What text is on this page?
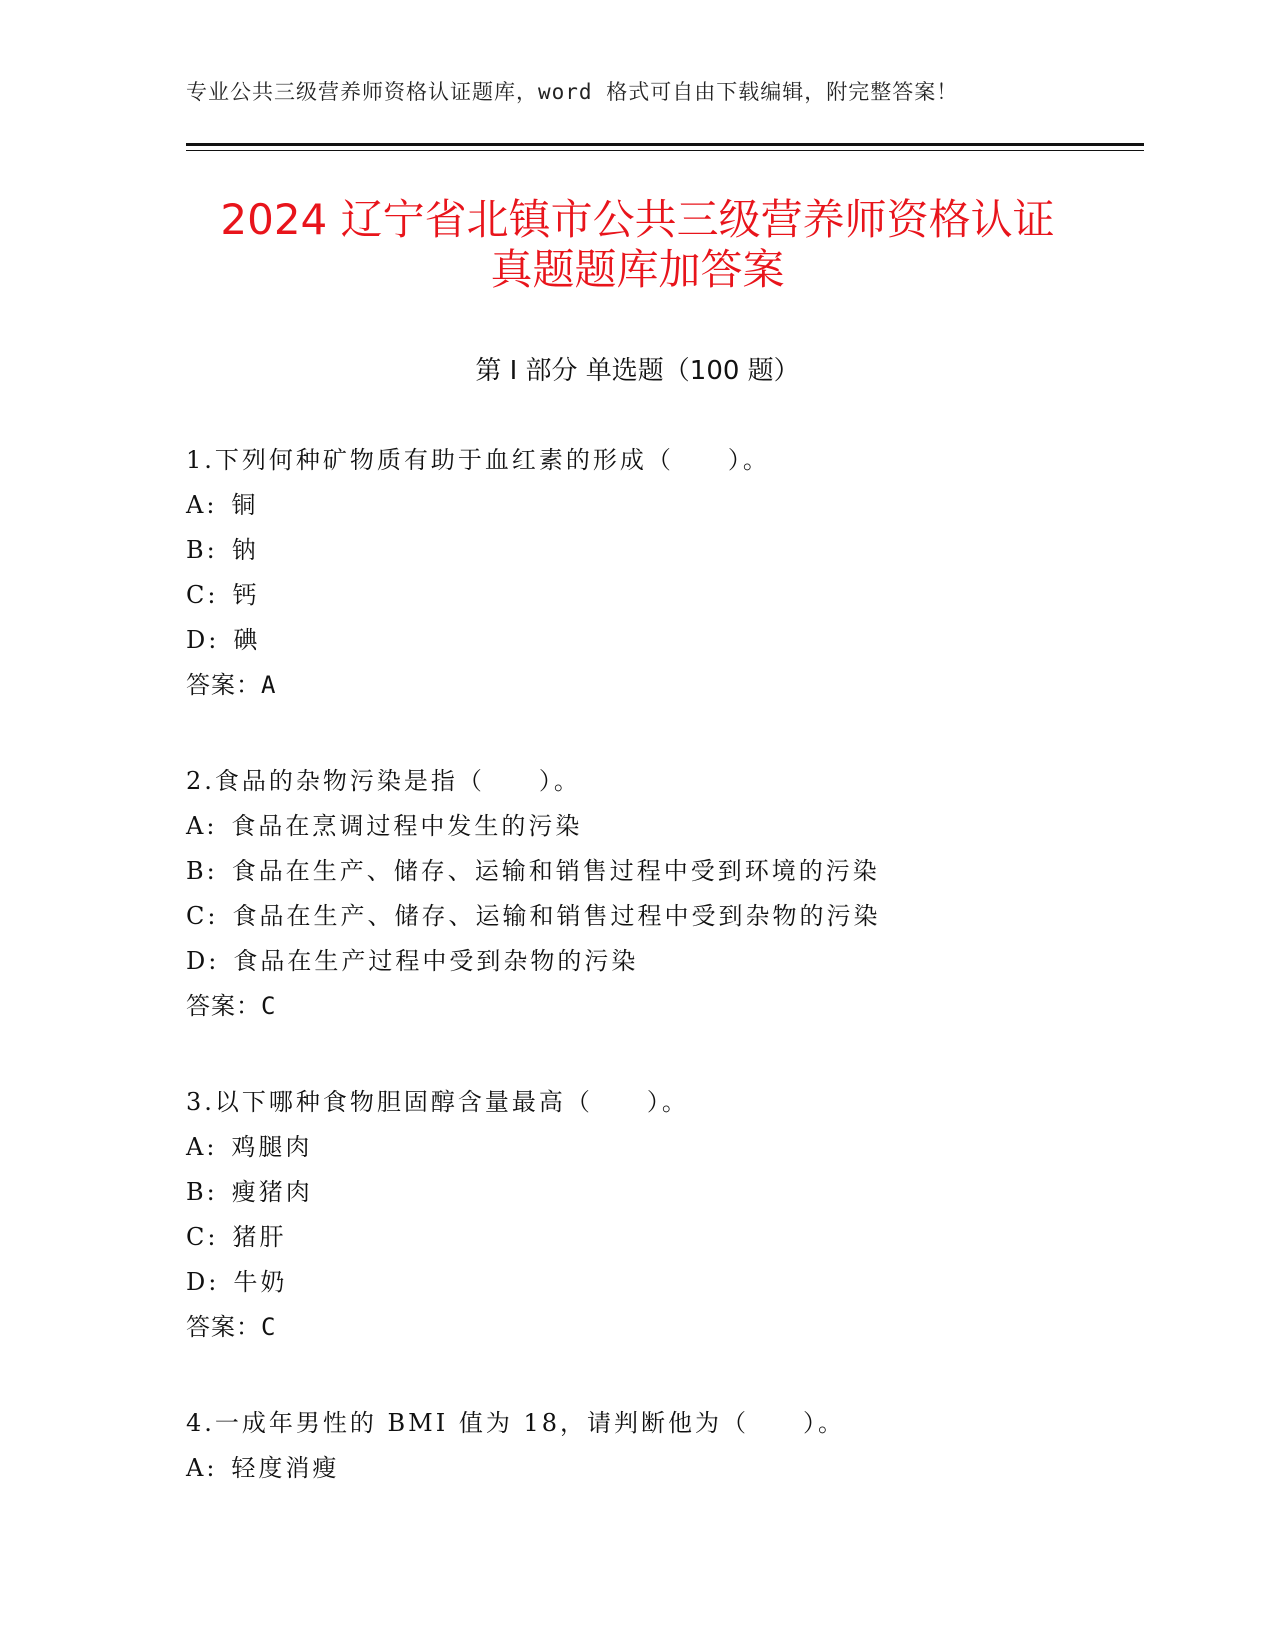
专业公共三级营养师资格认证题库，word 格式可自由下载编辑，附完整答案！
2024 辽宁省北镇市公共三级营养师资格认证
真题题库加答案
第 I 部分 单选题（100 题）
1.下列何种矿物质有助于血红素的形成（　　）。
A: 铜
B: 钠
C: 钙
D: 碘
答案：A
2.食品的杂物污染是指（　　）。
A: 食品在烹调过程中发生的污染
B: 食品在生产、储存、运输和销售过程中受到环境的污染
C: 食品在生产、储存、运输和销售过程中受到杂物的污染
D: 食品在生产过程中受到杂物的污染
答案：C
3.以下哪种食物胆固醇含量最高（　　）。
A: 鸡腿肉
B: 瘦猪肉
C: 猪肝
D: 牛奶
答案：C
4.一成年男性的 BMI 值为 18，请判断他为（　　）。
A: 轻度消瘦
